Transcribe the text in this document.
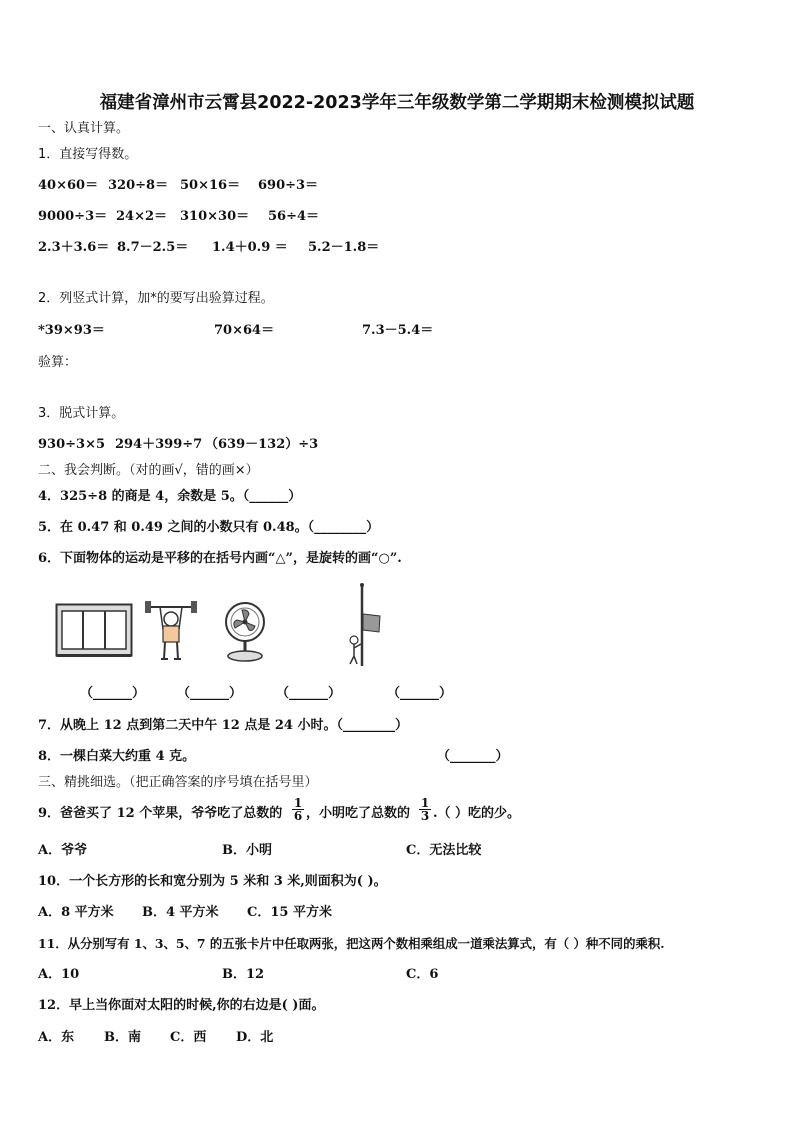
福建省漳州市云霄县2022-2023学年三年级数学第二学期期末检测模拟试题
一、认真计算。
1．直接写得数。
40×60＝ 320÷8＝ 50×16＝ 690÷3＝
9000÷3＝ 24×2＝ 310×30＝ 56÷4＝
2.3＋3.6＝ 8.7－2.5＝ 1.4＋0.9 ＝ 5.2－1.8＝
2．列竖式计算，加*的要写出验算过程。
*39×93＝	70×64＝	7.3－5.4＝
验算：
3．脱式计算。
930÷3×5 294＋399÷7 （639－132）÷3
二、我会判断。（对的画√，错的画×）
4．325÷8 的商是 4，余数是 5。（______）
5．在 0.47 和 0.49 之间的小数只有 0.48。（________）
6．下面物体的运动是平移的在括号内画“△”，是旋转的画“○”.
（______） （______）	（______）	（______）
7．从晚上 12 点到第二天中午 12 点是 24 小时。（________）
8．一棵白菜大约重 4 克。	（_______）
三、精挑细选。（把正确答案的序号填在括号里）
9．爸爸买了 12 个苹果，爷爷吃了总数的 $\frac{1}{6}$ ，小明吃了总数的 $\frac{1}{3}$ .（ ）吃的少。
A．爷爷	B．小明	C．无法比较
10．一个长方形的长和宽分别为 5 米和 3 米,则面积为( )。
A．8 平方米 B．4 平方米 C．15 平方米
11．从分别写有 1、3、5、7 的五张卡片中任取两张，把这两个数相乘组成一道乘法算式，有（ ）种不同的乘积.
A．10	B．12	C．6
12．早上当你面对太阳的时候,你的右边是( )面。
A．东 B．南 C．西 D．北
